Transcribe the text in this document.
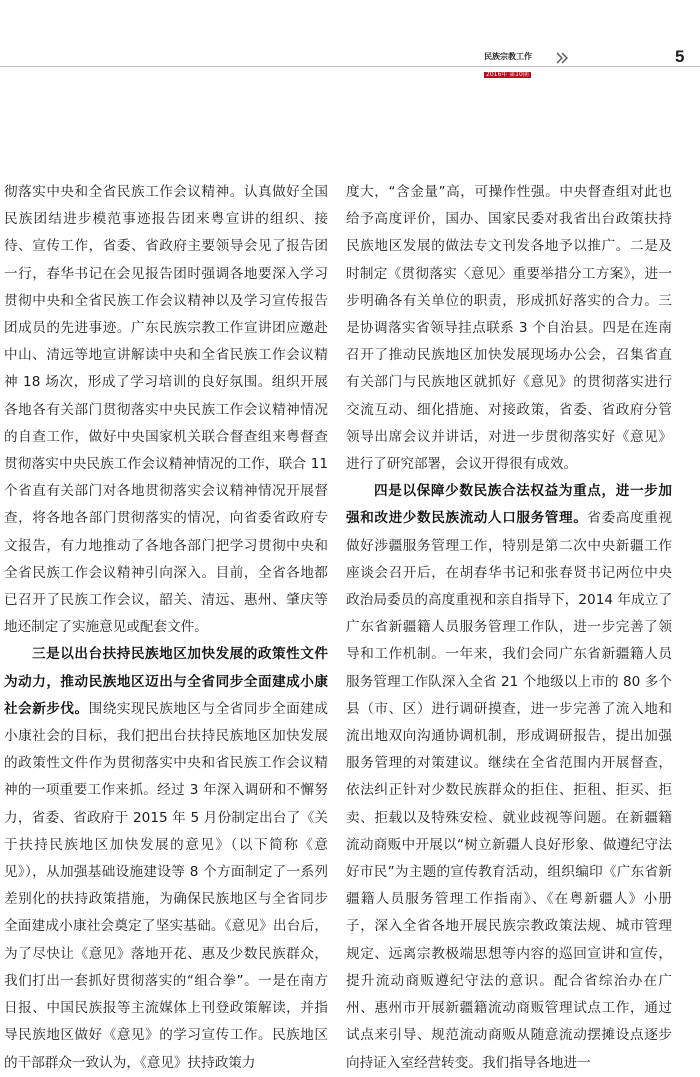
民族宗教工作
2016年 第10期
5

彻落实中央和全省民族工作会议精神。认真做好全国民族团结进步模范事迹报告团来粤宣讲的组织、接待、宣传工作，省委、省政府主要领导会见了报告团一行，春华书记在会见报告团时强调各地要深入学习贯彻中央和全省民族工作会议精神以及学习宣传报告团成员的先进事迹。广东民族宗教工作宣讲团应邀赴中山、清远等地宣讲解读中央和全省民族工作会议精神 18 场次，形成了学习培训的良好氛围。组织开展各地各有关部门贯彻落实中央民族工作会议精神情况的自查工作，做好中央国家机关联合督查组来粤督查贯彻落实中央民族工作会议精神情况的工作，联合 11 个省直有关部门对各地贯彻落实会议精神情况开展督查，将各地各部门贯彻落实的情况，向省委省政府专文报告，有力地推动了各地各部门把学习贯彻中央和全省民族工作会议精神引向深入。目前，全省各地都已召开了民族工作会议，韶关、清远、惠州、肇庆等地还制定了实施意见或配套文件。

三是以出台扶持民族地区加快发展的政策性文件为动力，推动民族地区迈出与全省同步全面建成小康社会新步伐。围绕实现民族地区与全省同步全面建成小康社会的目标，我们把出台扶持民族地区加快发展的政策性文件作为贯彻落实中央和省民族工作会议精神的一项重要工作来抓。经过 3 年深入调研和不懈努力，省委、省政府于 2015 年 5 月份制定出台了《关于扶持民族地区加快发展的意见》（以下简称《意见》），从加强基础设施建设等 8 个方面制定了一系列差别化的扶持政策措施，为确保民族地区与全省同步全面建成小康社会奠定了坚实基础。《意见》出台后，为了尽快让《意见》落地开花、惠及少数民族群众，我们打出一套抓好贯彻落实的“组合拳”。一是在南方日报、中国民族报等主流媒体上刊登政策解读，并指导民族地区做好《意见》的学习宣传工作。民族地区的干部群众一致认为，《意见》扶持政策力

度大，“含金量”高，可操作性强。中央督查组对此也给予高度评价，国办、国家民委对我省出台政策扶持民族地区发展的做法专文刊发各地予以推广。二是及时制定《贯彻落实〈意见〉重要举措分工方案》，进一步明确各有关单位的职责，形成抓好落实的合力。三是协调落实省领导挂点联系 3 个自治县。四是在连南召开了推动民族地区加快发展现场办公会，召集省直有关部门与民族地区就抓好《意见》的贯彻落实进行交流互动、细化措施、对接政策，省委、省政府分管领导出席会议并讲话，对进一步贯彻落实好《意见》进行了研究部署，会议开得很有成效。

四是以保障少数民族合法权益为重点，进一步加强和改进少数民族流动人口服务管理。省委高度重视做好涉疆服务管理工作，特别是第二次中央新疆工作座谈会召开后，在胡春华书记和张春贤书记两位中央政治局委员的高度重视和亲自指导下，2014 年成立了广东省新疆籍人员服务管理工作队，进一步完善了领导和工作机制。一年来，我们会同广东省新疆籍人员服务管理工作队深入全省 21 个地级以上市的 80 多个县（市、区）进行调研摸查，进一步完善了流入地和流出地双向沟通协调机制，形成调研报告，提出加强服务管理的对策建议。继续在全省范围内开展督查，依法纠正针对少数民族群众的拒住、拒租、拒买、拒卖、拒载以及特殊安检、就业歧视等问题。在新疆籍流动商贩中开展以“树立新疆人良好形象、做遵纪守法好市民”为主题的宣传教育活动，组织编印《广东省新疆籍人员服务管理工作指南》、《在粤新疆人》小册子，深入全省各地开展民族宗教政策法规、城市管理规定、远离宗教极端思想等内容的巡回宣讲和宣传，提升流动商贩遵纪守法的意识。配合省综治办在广州、惠州市开展新疆籍流动商贩管理试点工作，通过试点来引导、规范流动商贩从随意流动摆摊设点逐步向持证入室经营转变。我们指导各地进一
